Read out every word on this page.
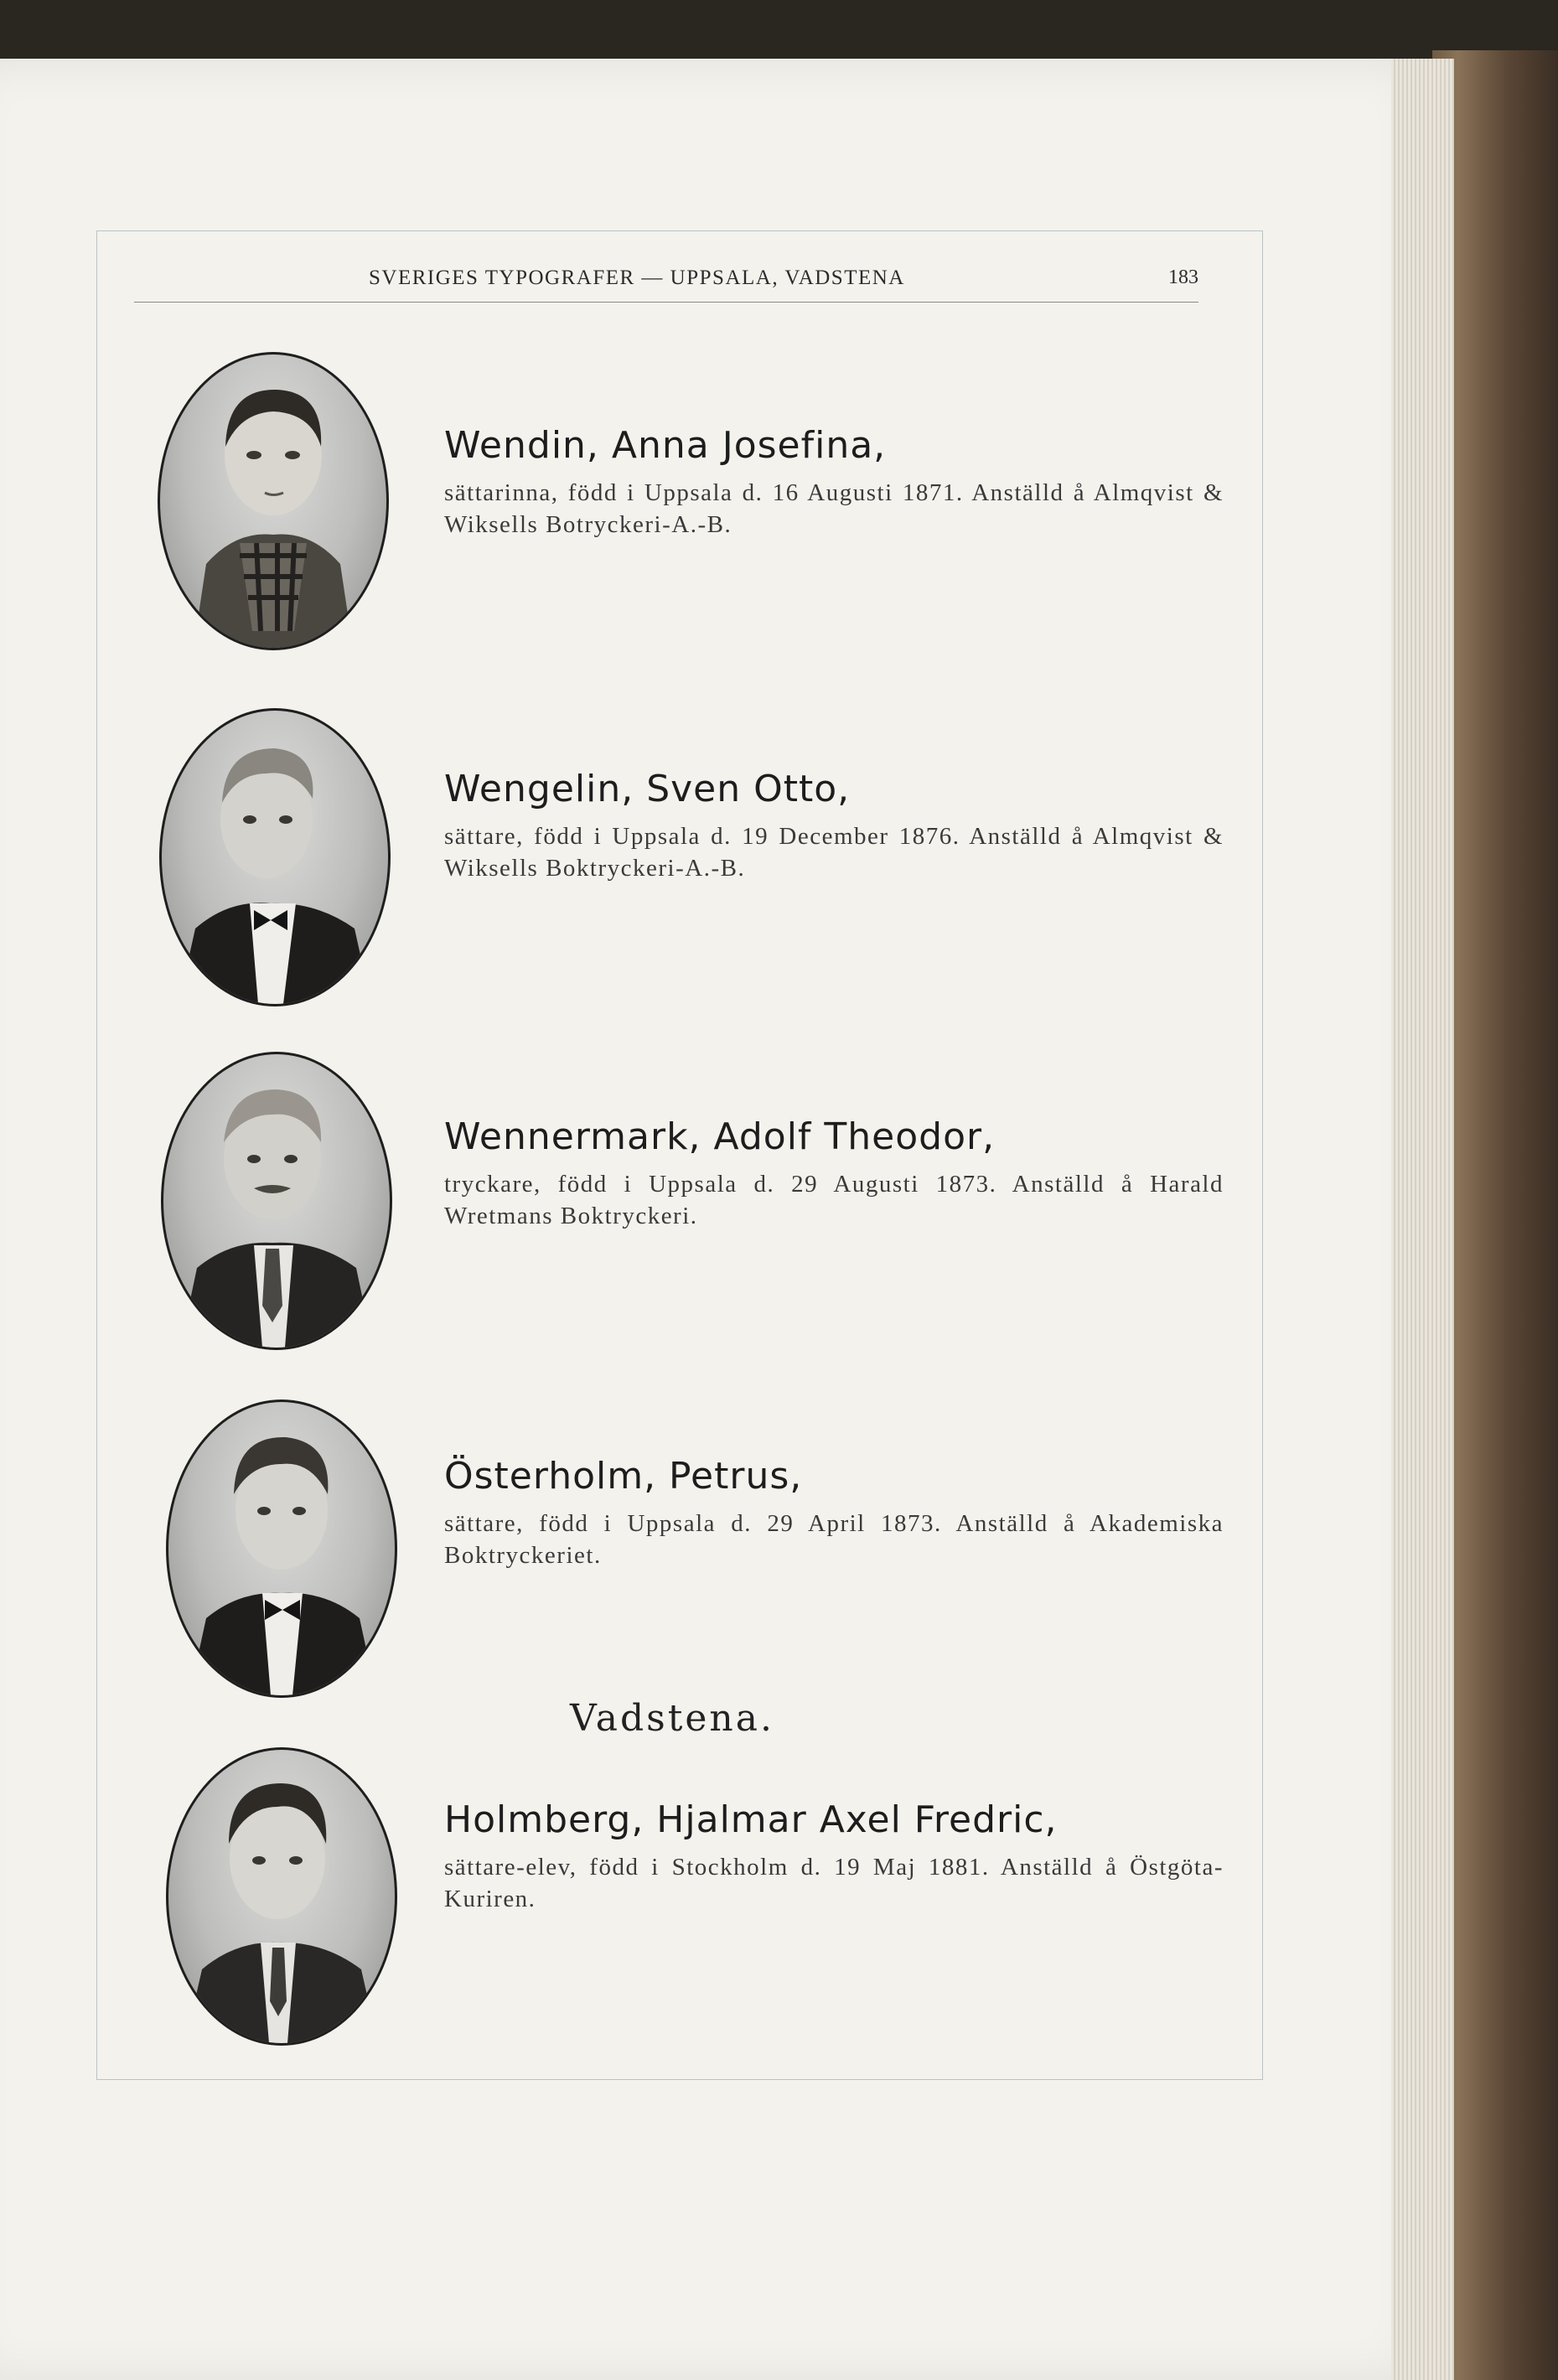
SVERIGES TYPOGRAFER — UPPSALA, VADSTENA	183
Wendin, Anna Josefina,
sättarinna, född i Uppsala d. 16 Augusti 1871. Anställd å Almqvist & Wiksells Botryckeri-A.-B.
Wengelin, Sven Otto,
sättare, född i Uppsala d. 19 December 1876. Anställd å Almqvist & Wiksells Boktryckeri-A.-B.
Wennermark, Adolf Theodor,
tryckare, född i Uppsala d. 29 Augusti 1873. Anställd å Harald Wretmans Boktryckeri.
Österholm, Petrus,
sättare, född i Uppsala d. 29 April 1873. Anställd å Akademiska Boktryckeriet.
Vadstena.
Holmberg, Hjalmar Axel Fredric,
sättare-elev, född i Stockholm d. 19 Maj 1881. Anställd å Östgöta-Kuriren.
